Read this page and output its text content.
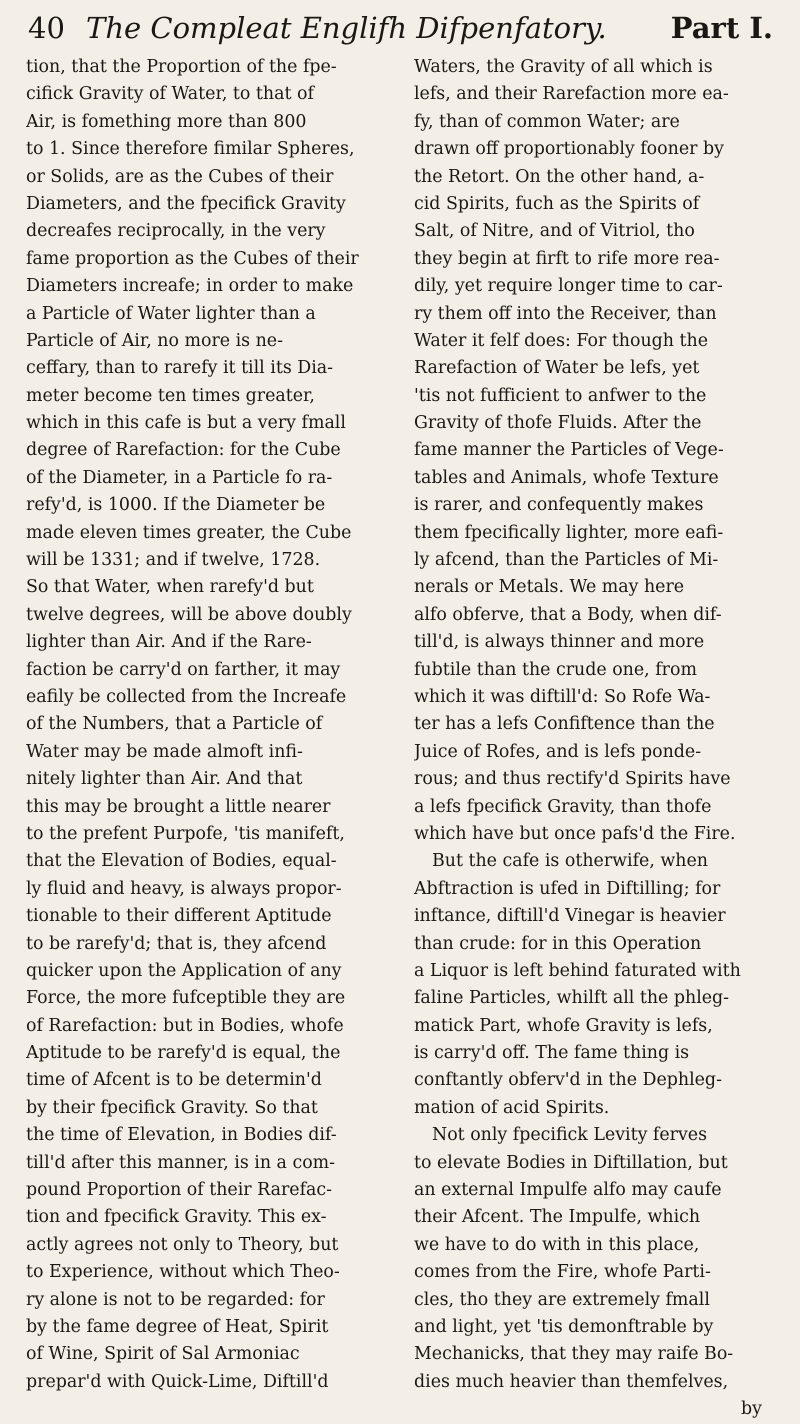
40 The Compleat Englifh Difpenfatory. Part I.
tion, that the Proportion of the fpe-
cifick Gravity of Water, to that of
Air, is fomething more than 800
to 1. Since therefore fimilar Spheres,
or Solids, are as the Cubes of their
Diameters, and the fpecifick Gravity
decreafes reciprocally, in the very
fame proportion as the Cubes of their
Diameters increafe; in order to make
a Particle of Water lighter than a
Particle of Air, no more is ne-
ceffary, than to rarefy it till its Dia-
meter become ten times greater,
which in this cafe is but a very fmall
degree of Rarefaction: for the Cube
of the Diameter, in a Particle fo ra-
refy'd, is 1000. If the Diameter be
made eleven times greater, the Cube
will be 1331; and if twelve, 1728.
So that Water, when rarefy'd but
twelve degrees, will be above doubly
lighter than Air. And if the Rare-
faction be carry'd on farther, it may
eafily be collected from the Increafe
of the Numbers, that a Particle of
Water may be made almoft infi-
nitely lighter than Air. And that
this may be brought a little nearer
to the prefent Purpofe, 'tis manifeft,
that the Elevation of Bodies, equal-
ly fluid and heavy, is always propor-
tionable to their different Aptitude
to be rarefy'd; that is, they afcend
quicker upon the Application of any
Force, the more fufceptible they are
of Rarefaction: but in Bodies, whofe
Aptitude to be rarefy'd is equal, the
time of Afcent is to be determin'd
by their fpecifick Gravity. So that
the time of Elevation, in Bodies dif-
till'd after this manner, is in a com-
pound Proportion of their Rarefac-
tion and fpecifick Gravity. This ex-
actly agrees not only to Theory, but
to Experience, without which Theo-
ry alone is not to be regarded: for
by the fame degree of Heat, Spirit
of Wine, Spirit of Sal Armoniac
prepar'd with Quick-Lime, Diftill'd
Waters, the Gravity of all which is
lefs, and their Rarefaction more ea-
fy, than of common Water; are
drawn off proportionably fooner by
the Retort. On the other hand, a-
cid Spirits, fuch as the Spirits of
Salt, of Nitre, and of Vitriol, tho
they begin at firft to rife more rea-
dily, yet require longer time to car-
ry them off into the Receiver, than
Water it felf does: For though the
Rarefaction of Water be lefs, yet
'tis not fufficient to anfwer to the
Gravity of thofe Fluids. After the
fame manner the Particles of Vege-
tables and Animals, whofe Texture
is rarer, and confequently makes
them fpecifically lighter, more eafi-
ly afcend, than the Particles of Mi-
nerals or Metals. We may here
alfo obferve, that a Body, when dif-
till'd, is always thinner and more
fubtile than the crude one, from
which it was diftill'd: So Rofe Wa-
ter has a lefs Confiftence than the
Juice of Rofes, and is lefs ponde-
rous; and thus rectify'd Spirits have
a lefs fpecifick Gravity, than thofe
which have but once pafs'd the Fire.
But the cafe is otherwife, when
Abftraction is ufed in Diftilling; for
inftance, diftill'd Vinegar is heavier
than crude: for in this Operation
a Liquor is left behind faturated with
faline Particles, whilft all the phleg-
matick Part, whofe Gravity is lefs,
is carry'd off. The fame thing is
conftantly obferv'd in the Dephleg-
mation of acid Spirits.
Not only fpecifick Levity ferves
to elevate Bodies in Diftillation, but
an external Impulfe alfo may caufe
their Afcent. The Impulfe, which
we have to do with in this place,
comes from the Fire, whofe Parti-
cles, tho they are extremely fmall
and light, yet 'tis demonftrable by
Mechanicks, that they may raife Bo-
dies much heavier than themfelves,
by
